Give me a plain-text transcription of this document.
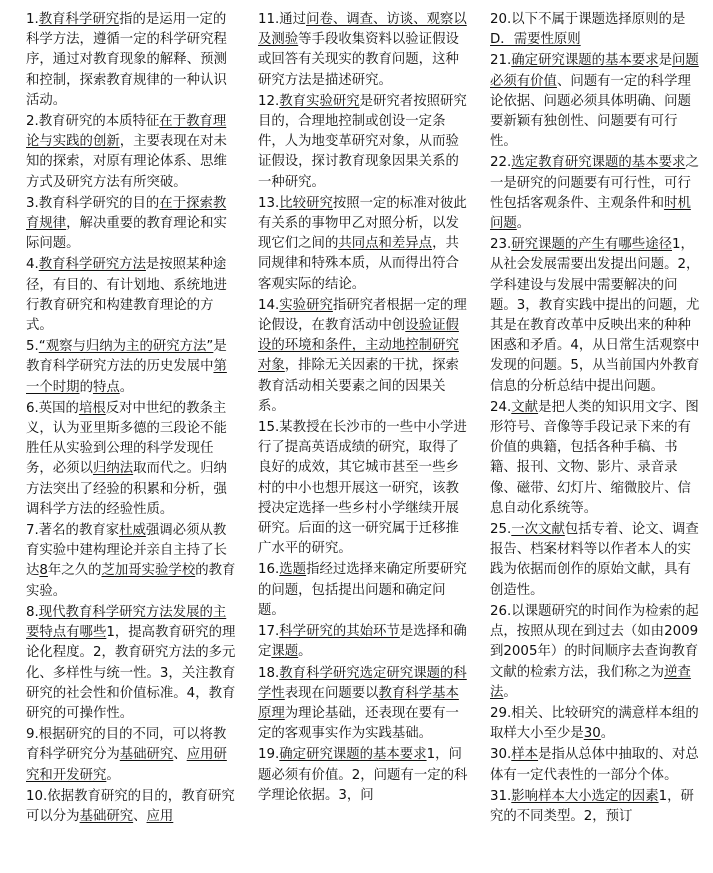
1.教育科学研究指的是运用一定的科学方法，遵循一定的科学研究程序，通过对教育现象的解释、预测和控制，探索教育规律的一种认识活动。
2.教育研究的本质特征在于教育理论与实践的创新，主要表现在对未知的探索，对原有理论体系、思维方式及研究方法有所突破。
3.教育科学研究的目的在于探索教育规律，解决重要的教育理论和实际问题。
4.教育科学研究方法是按照某种途径，有目的、有计划地、系统地进行教育研究和构建教育理论的方式。
5.“观察与归纳为主的研究方法”是教育科学研究方法的历史发展中第一个时期的特点。
6.英国的培根反对中世纪的教条主义，认为亚里斯多德的三段论不能胜任从实验到公理的科学发现任务，必须以归纳法取而代之。归纳方法突出了经验的积累和分析，强调科学方法的经验性质。
7.著名的教育家杜威强调必须从教育实验中建构理论并亲自主持了长达8年之久的芝加哥实验学校的教育实验。
8.现代教育科学研究方法发展的主要特点有哪些1，提高教育研究的理论化程度。2，教育研究方法的多元化、多样性与统一性。3，关注教育研究的社会性和价值标准。4，教育研究的可操作性。
9.根据研究的目的不同，可以将教育科学研究分为基础研究、应用研究和开发研究。
10.依据教育研究的目的，教育研究可以分为基础研究、应用
11.通过问卷、调查、访谈、观察以及测验等手段收集资料以验证假设或回答有关现实的教育问题，这种研究方法是描述研究。
12.教育实验研究是研究者按照研究目的，合理地控制或创设一定条件，人为地变革研究对象，从而验证假设，探讨教育现象因果关系的一种研究。
13.比较研究按照一定的标准对彼此有关系的事物甲乙对照分析，以发现它们之间的共同点和差异点，共同规律和特殊本质，从而得出符合客观实际的结论。
14.实验研究指研究者根据一定的理论假设，在教育活动中创设验证假设的环境和条件，主动地控制研究对象，排除无关因素的干扰，探索教育活动相关要素之间的因果关系。
15.某教授在长沙市的一些中小学进行了提高英语成绩的研究，取得了良好的成效，其它城市甚至一些乡村的中小也想开展这一研究，该教授决定选择一些乡村小学继续开展研究。后面的这一研究属于迁移推广水平的研究。
16.选题指经过选择来确定所要研究的问题，包括提出问题和确定问题。
17.科学研究的其始环节是选择和确定课题。
18.教育科学研究选定研究课题的科学性表现在问题要以教育科学基本原理为理论基础，还表现在要有一定的客观事实作为实践基础。
19.确定研究课题的基本要求1，问题必须有价值。2，问题有一定的科学理论依据。3，问
20.以下不属于课题选择原则的是D．需要性原则
21.确定研究课题的基本要求是问题必须有价值、问题有一定的科学理论依据、问题必须具体明确、问题要新颖有独创性、问题要有可行性。
22.选定教育研究课题的基本要求之一是研究的问题要有可行性，可行性包括客观条件、主观条件和时机问题。
23.研究课题的产生有哪些途径1，从社会发展需要出发提出问题。2，学科建设与发展中需要解决的问题。3，教育实践中提出的问题，尤其是在教育改革中反映出来的种种困惑和矛盾。4，从日常生活观察中发现的问题。5，从当前国内外教育信息的分析总结中提出问题。
24.文献是把人类的知识用文字、图形符号、音像等手段记录下来的有价值的典籍，包括各种手稿、书籍、报刊、文物、影片、录音录像、磁带、幻灯片、缩微胶片、信息自动化系统等。
25.一次文献包括专着、论文、调查报告、档案材料等以作者本人的实践为依据而创作的原始文献，具有创造性。
26.以课题研究的时间作为检索的起点，按照从现在到过去（如由2009到2005年）的时间顺序去查询教育文献的检索方法，我们称之为逆查法。
29.相关、比较研究的满意样本组的取样大小至少是30。
30.样本是指从总体中抽取的、对总体有一定代表性的一部分个体。
31.影响样本大小选定的因素1，研究的不同类型。2，预订
